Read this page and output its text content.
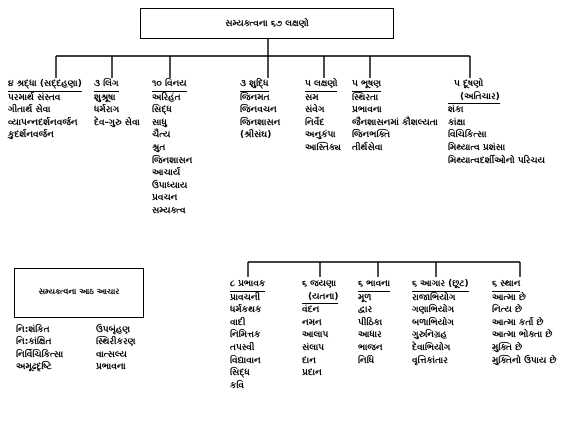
સમ્યક્ત્વના ૬૭ લક્ષણો
૪ શ્રદ્ધા (સદ્દહણા)
પરમાર્થ સંસ્તવ
ગીતાર્થ સેવા
વ્યાપન્નદર્શનવર્જન
કુદર્શનવર્જન
૩ લિંગ
શુશ્રૂષા
ધર્મરાગ
દેવ-ગુરુ સેવા
૧૦ વિનય
અરિહંત
સિદ્ધ
સાધુ
ચૈત્ય
શ્રુત
જિનશાસન
આચાર્ય
ઉપાધ્યાય
પ્રવચન
સમ્યક્ત્વ
૩ શુદ્ધિ
જિનમત
જિનવચન
જિનશાસન
(શ્રીસંઘ)
૫ લક્ષણો
સમ
સંવેગ
નિર્વેદ
અનુકંપા
આસ્તિક્ય
૫ ભૂષણ
સ્થિરતા
પ્રભાવના
જૈનશાસનમાં કૌશલ્યતા
જિનભક્તિ
તીર્થસેવા
૫ દૂષણો
(અતિચાર)
શંકા
કાંક્ષા
વિચિકિત્સા
મિથ્યાત્વ પ્રશંસા
મિથ્યાત્વદર્શીઓનો પરિચય
સમ્યક્ત્વના આઠ આચાર
નિ:શંકિત
નિ:કાંક્ષિત
નિર્વિચિકિત્સા
અમૂઢદૃષ્ટિ
ઉપબૃંહણ
સ્થિરીકરણ
વાત્સલ્ય
પ્રભાવના
૮ પ્રભાવક
પ્રાવચની
ધર્મકથક
વાદી
નિમિત્તક
તપસ્વી
વિદ્યાવાન
સિદ્ધ
કવિ
૬ જયણા
(યતના)
વંદન
નમન
આલાપ
સંલાપ
દાન
પ્રદાન
૬ ભાવના
મૂળ
દ્વાર
પીઠિકા
આધાર
ભાજન
નિધિ
૬ આગાર (છૂટ)
રાજાભિયોગ
ગણાભિયોગ
બળાભિયોગ
ગુરુનિગ્રહ
દેવાભિયોગ
વૃત્તિકાંતાર
૬ સ્થાન
આત્મા છે
નિત્ય છે
આત્મા કર્તા છે
આત્મા ભોક્તા છે
મુક્તિ છે
મુક્તિનો ઉપાય છે
